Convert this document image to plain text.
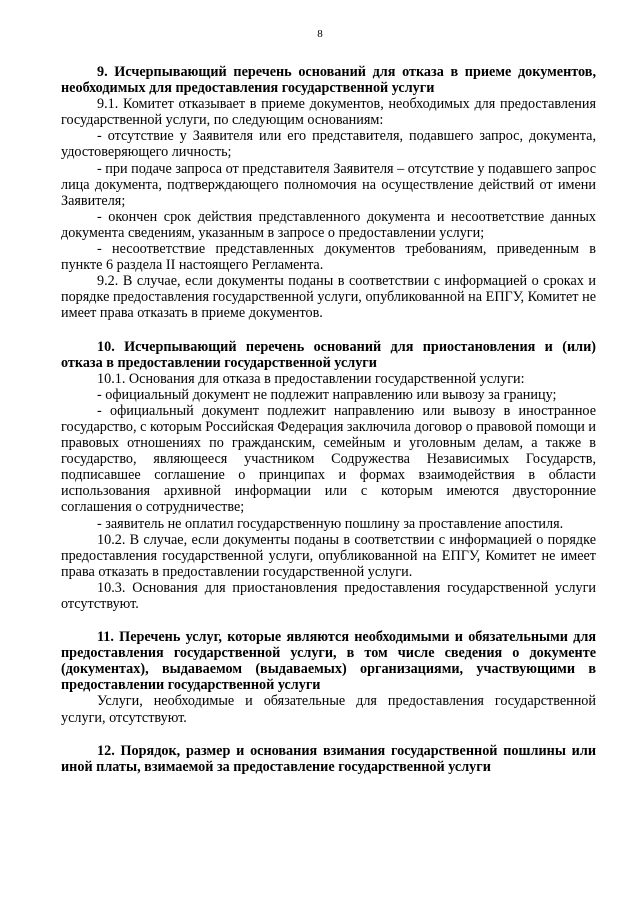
8

9. Исчерпывающий перечень оснований для отказа в приеме документов, необходимых для предоставления государственной услуги

9.1. Комитет отказывает в приеме документов, необходимых для предоставления государственной услуги, по следующим основаниям:

- отсутствие у Заявителя или его представителя, подавшего запрос, документа, удостоверяющего личность;

- при подаче запроса от представителя Заявителя – отсутствие у подавшего запрос лица документа, подтверждающего полномочия на осуществление действий от имени Заявителя;

- окончен срок действия представленного документа и несоответствие данных документа сведениям, указанным в запросе о предоставлении услуги;

- несоответствие представленных документов требованиям, приведенным в пункте 6 раздела II настоящего Регламента.

9.2. В случае, если документы поданы в соответствии с информацией о сроках и порядке предоставления государственной услуги, опубликованной на ЕПГУ, Комитет не имеет права отказать в приеме документов.

10. Исчерпывающий перечень оснований для приостановления и (или) отказа в предоставлении государственной услуги

10.1. Основания для отказа в предоставлении государственной услуги:

- официальный документ не подлежит направлению или вывозу за границу;

- официальный документ подлежит направлению или вывозу в иностранное государство, с которым Российская Федерация заключила договор о правовой помощи и правовых отношениях по гражданским, семейным и уголовным делам, а также в государство, являющееся участником Содружества Независимых Государств, подписавшее соглашение о принципах и формах взаимодействия в области использования архивной информации или с которым имеются двусторонние соглашения о сотрудничестве;

- заявитель не оплатил государственную пошлину за проставление апостиля.

10.2. В случае, если документы поданы в соответствии с информацией о порядке предоставления государственной услуги, опубликованной на ЕПГУ, Комитет не имеет права отказать в предоставлении государственной услуги.

10.3. Основания для приостановления предоставления государственной услуги отсутствуют.

11. Перечень услуг, которые являются необходимыми и обязательными для предоставления государственной услуги, в том числе сведения о документе (документах), выдаваемом (выдаваемых) организациями, участвующими в предоставлении государственной услуги

Услуги, необходимые и обязательные для предоставления государственной услуги, отсутствуют.

12. Порядок, размер и основания взимания государственной пошлины или иной платы, взимаемой за предоставление государственной услуги
